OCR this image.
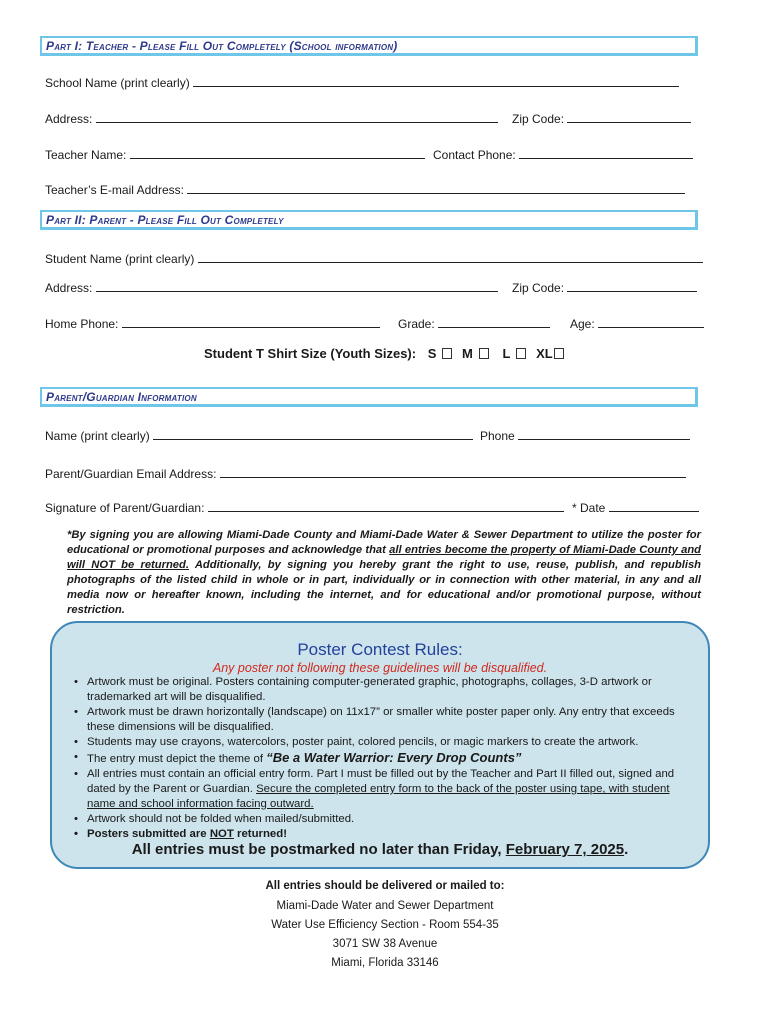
Part I: Teacher - Please Fill Out Completely (School information)
School Name (print clearly)
Address:	Zip Code:
Teacher Name:	Contact Phone:
Teacher’s E-mail Address:
Part II: Parent - Please Fill Out Completely
Student Name (print clearly)
Address:	Zip Code:
Home Phone:	Grade:	Age:
Student T Shirt Size (Youth Sizes): S M L XL
Parent/Guardian Information
Name (print clearly)	Phone
Parent/Guardian Email Address:
Signature of Parent/Guardian:	* Date
*By signing you are allowing Miami-Dade County and Miami-Dade Water & Sewer Department to utilize the poster for educational or promotional purposes and acknowledge that all entries become the property of Miami-Dade County and will NOT be returned. Additionally, by signing you hereby grant the right to use, reuse, publish, and republish photographs of the listed child in whole or in part, individually or in connection with other material, in any and all media now or hereafter known, including the internet, and for educational and/or promotional purpose, without restriction.
Poster Contest Rules:
Any poster not following these guidelines will be disqualified.
• Artwork must be original. Posters containing computer-generated graphic, photographs, collages, 3-D artwork or trademarked art will be disqualified.
• Artwork must be drawn horizontally (landscape) on 11x17” or smaller white poster paper only. Any entry that exceeds these dimensions will be disqualified.
• Students may use crayons, watercolors, poster paint, colored pencils, or magic markers to create the artwork.
• The entry must depict the theme of “Be a Water Warrior: Every Drop Counts”
• All entries must contain an official entry form. Part I must be filled out by the Teacher and Part II filled out, signed and dated by the Parent or Guardian. Secure the completed entry form to the back of the poster using tape, with student name and school information facing outward.
• Artwork should not be folded when mailed/submitted.
• Posters submitted are NOT returned!
All entries must be postmarked no later than Friday, February 7, 2025.
All entries should be delivered or mailed to:
Miami-Dade Water and Sewer Department
Water Use Efficiency Section - Room 554-35
3071 SW 38 Avenue
Miami, Florida 33146
